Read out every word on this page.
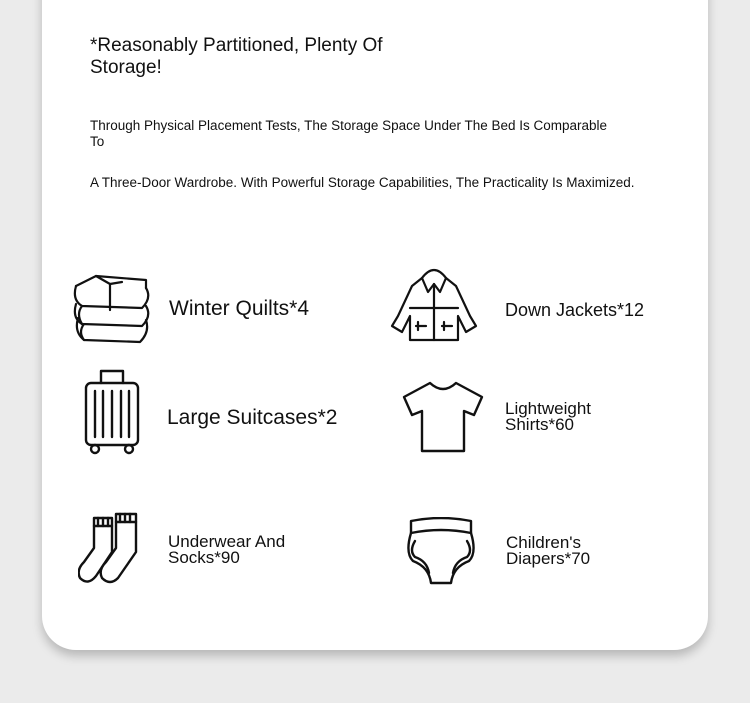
*Reasonably Partitioned, Plenty Of Storage!
Through Physical Placement Tests, The Storage Space Under The Bed Is Comparable To
A Three-Door Wardrobe. With Powerful Storage Capabilities, The Practicality Is Maximized.
Winter Quilts*4	Down Jackets*12
Large Suitcases*2	Lightweight Shirts*60
Underwear And Socks*90
Children's Diapers*70
